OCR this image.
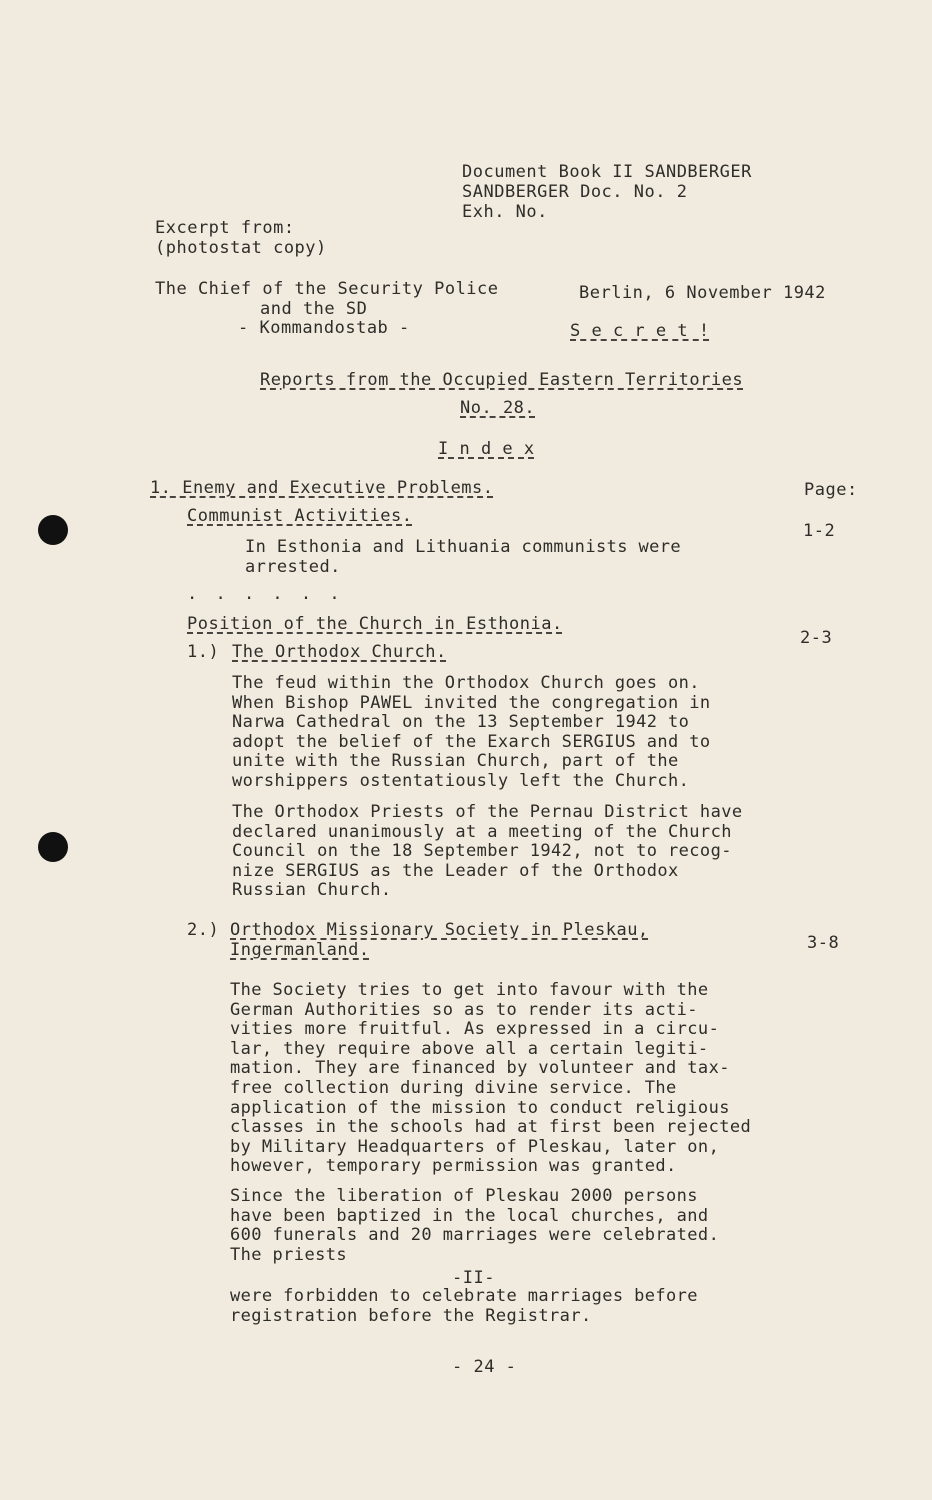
Document Book II SANDBERGER
SANDBERGER Doc. No. 2
Exh. No.
Excerpt from:
(photostat copy)
The Chief of the Security Police
and the SD
- Kommandostab -
Berlin, 6 November 1942
S e c r e t !
Reports from the Occupied Eastern Territories
No. 28.
I n d e x
1. Enemy and Executive Problems.	Page:
Communist Activities.
1-2
In Esthonia and Lithuania communists were
arrested.
. . . . . .
Position of the Church in Esthonia.
2-3
1.) The Orthodox Church.
The feud within the Orthodox Church goes on.
When Bishop PAWEL invited the congregation in
Narwa Cathedral on the 13 September 1942 to
adopt the belief of the Exarch SERGIUS and to
unite with the Russian Church, part of the
worshippers ostentatiously left the Church.
The Orthodox Priests of the Pernau District have
declared unanimously at a meeting of the Church
Council on the 18 September 1942, not to recog-
nize SERGIUS as the Leader of the Orthodox
Russian Church.
2.) Orthodox Missionary Society in Pleskau,
Ingermanland.	3-8
The Society tries to get into favour with the
German Authorities so as to render its acti-
vities more fruitful. As expressed in a circu-
lar, they require above all a certain legiti-
mation. They are financed by volunteer and tax-
free collection during divine service. The
application of the mission to conduct religious
classes in the schools had at first been rejected
by Military Headquarters of Pleskau, later on,
however, temporary permission was granted.
Since the liberation of Pleskau 2000 persons
have been baptized in the local churches, and
600 funerals and 20 marriages were celebrated.
The priests
-II-
were forbidden to celebrate marriages before
registration before the Registrar.
- 24 -
